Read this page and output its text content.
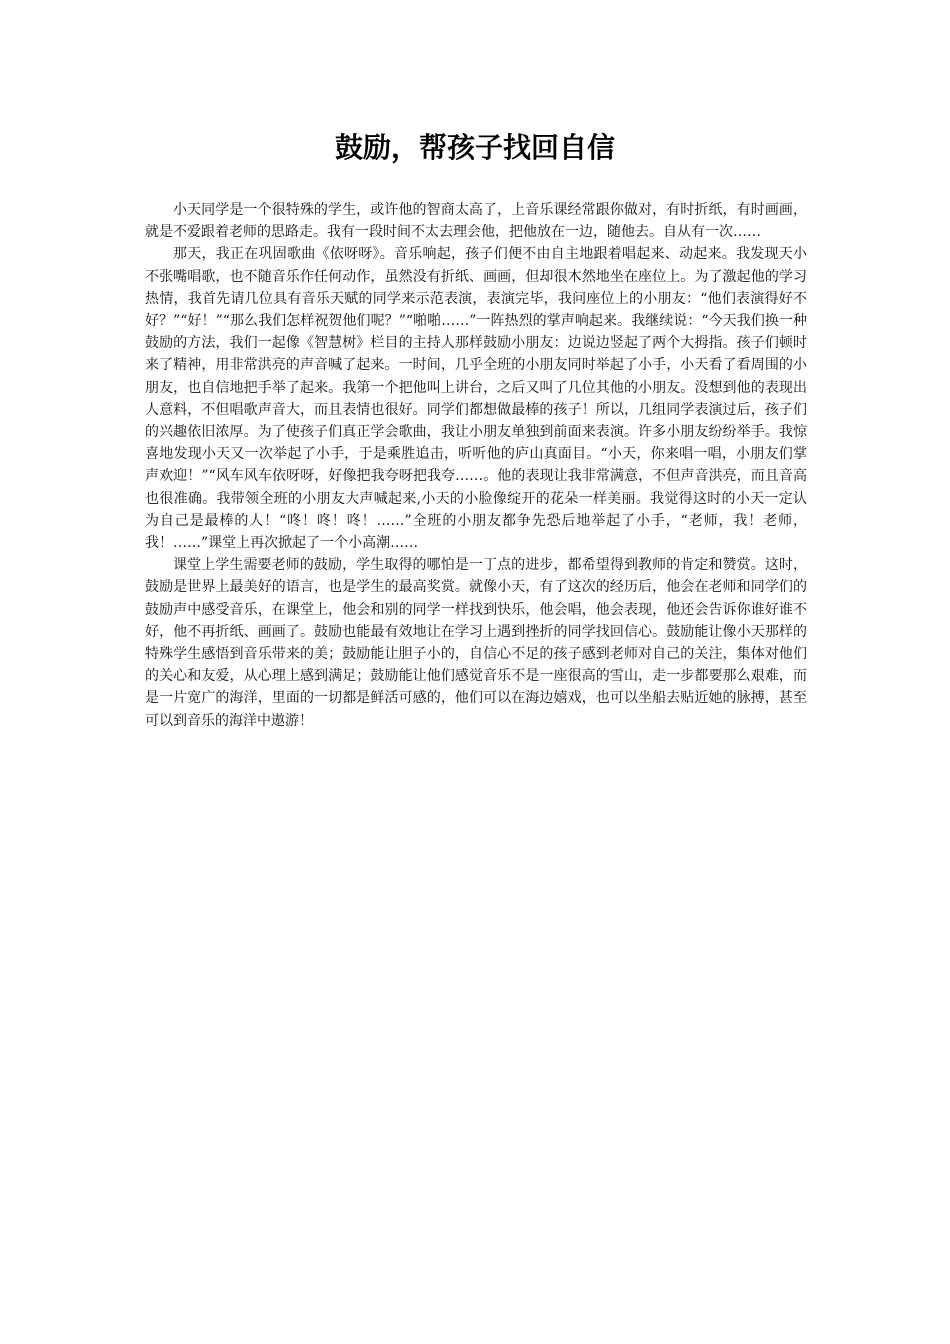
鼓励，帮孩子找回自信

小天同学是一个很特殊的学生，或许他的智商太高了，上音乐课经常跟你做对，有时折纸，有时画画，就是不爱跟着老师的思路走。我有一段时间不太去理会他，把他放在一边，随他去。自从有一次……

那天，我正在巩固歌曲《依呀呀》。音乐响起，孩子们便不由自主地跟着唱起来、动起来。我发现天小不张嘴唱歌，也不随音乐作任何动作，虽然没有折纸、画画，但却很木然地坐在座位上。为了激起他的学习热情，我首先请几位具有音乐天赋的同学来示范表演，表演完毕，我问座位上的小朋友：“他们表演得好不好？”“好！”“那么我们怎样祝贺他们呢？”“啪啪……”一阵热烈的掌声响起来。我继续说：“今天我们换一种鼓励的方法，我们一起像《智慧树》栏目的主持人那样鼓励小朋友：边说边竖起了两个大拇指。孩子们顿时来了精神，用非常洪亮的声音喊了起来。一时间，几乎全班的小朋友同时举起了小手，小天看了看周围的小朋友，也自信地把手举了起来。我第一个把他叫上讲台，之后又叫了几位其他的小朋友。没想到他的表现出人意料，不但唱歌声音大，而且表情也很好。同学们都想做最棒的孩子！所以，几组同学表演过后，孩子们的兴趣依旧浓厚。为了使孩子们真正学会歌曲，我让小朋友单独到前面来表演。许多小朋友纷纷举手。我惊喜地发现小天又一次举起了小手，于是乘胜追击，听听他的庐山真面目。“小天，你来唱一唱，小朋友们掌声欢迎！”“风车风车依呀呀，好像把我夸呀把我夸……。他的表现让我非常满意，不但声音洪亮，而且音高也很准确。我带领全班的小朋友大声喊起来,小天的小脸像绽开的花朵一样美丽。我觉得这时的小天一定认为自己是最棒的人！“咚！咚！咚！……”全班的小朋友都争先恐后地举起了小手，“老师，我！老师，我！……”课堂上再次掀起了一个小高潮……

课堂上学生需要老师的鼓励，学生取得的哪怕是一丁点的进步，都希望得到教师的肯定和赞赏。这时，鼓励是世界上最美好的语言，也是学生的最高奖赏。就像小天，有了这次的经历后，他会在老师和同学们的鼓励声中感受音乐，在课堂上，他会和别的同学一样找到快乐，他会唱，他会表现，他还会告诉你谁好谁不好，他不再折纸、画画了。鼓励也能最有效地让在学习上遇到挫折的同学找回信心。鼓励能让像小天那样的特殊学生感悟到音乐带来的美；鼓励能让胆子小的，自信心不足的孩子感到老师对自己的关注，集体对他们的关心和友爱，从心理上感到满足；鼓励能让他们感觉音乐不是一座很高的雪山，走一步都要那么艰难，而是一片宽广的海洋，里面的一切都是鲜活可感的，他们可以在海边嬉戏，也可以坐船去贴近她的脉搏，甚至可以到音乐的海洋中遨游！
